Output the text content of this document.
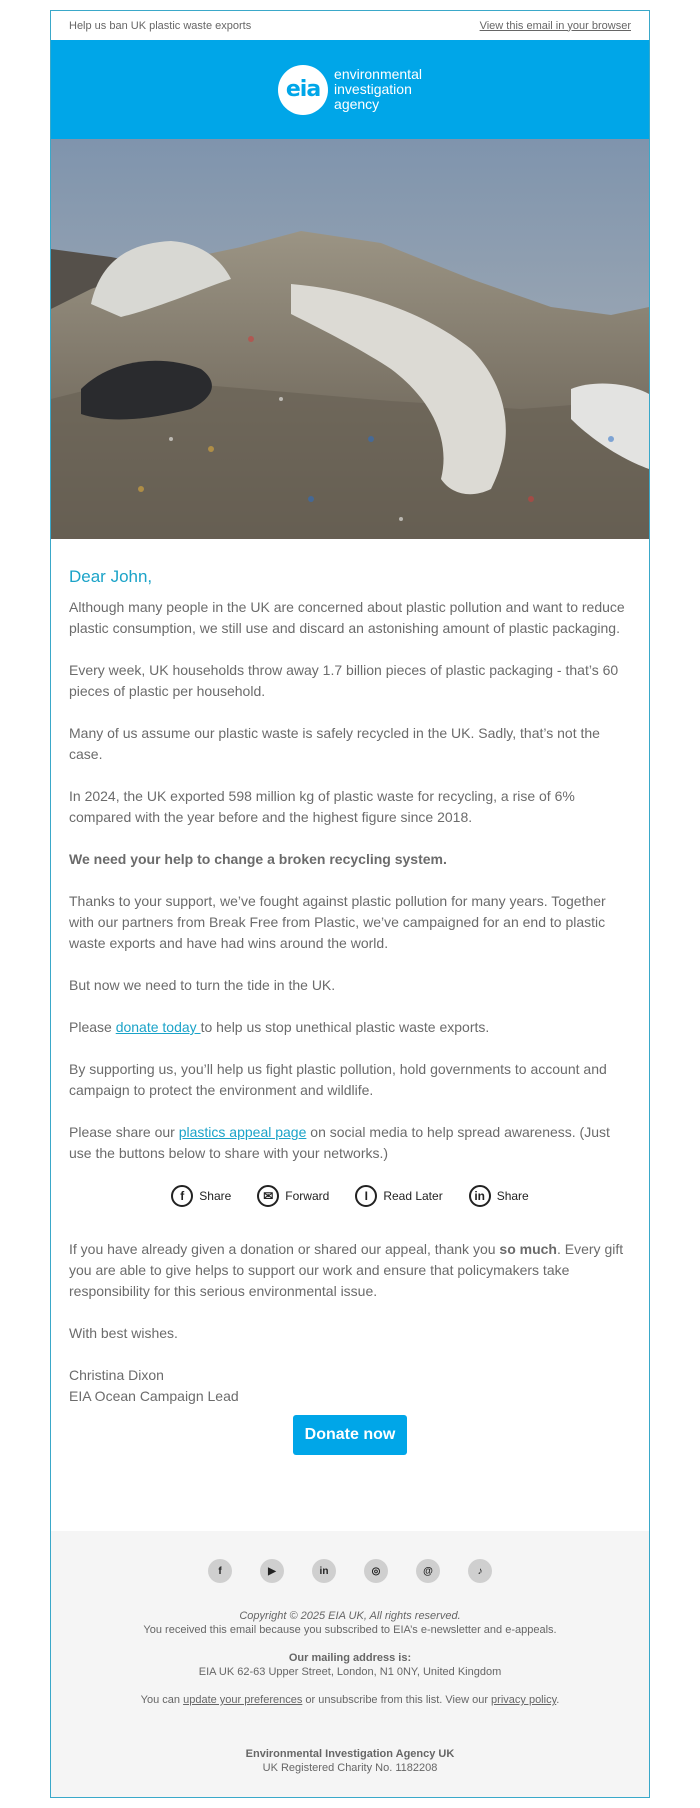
Help us ban UK plastic waste exports	View this email in your browser
eia
environmental
investigation
agency

Dear John,

Although many people in the UK are concerned about plastic pollution and want to reduce plastic consumption, we still use and discard an astonishing amount of plastic packaging.

Every week, UK households throw away 1.7 billion pieces of plastic packaging - that’s 60 pieces of plastic per household.

Many of us assume our plastic waste is safely recycled in the UK. Sadly, that’s not the case.

In 2024, the UK exported 598 million kg of plastic waste for recycling, a rise of 6% compared with the year before and the highest figure since 2018.

We need your help to change a broken recycling system.

Thanks to your support, we’ve fought against plastic pollution for many years. Together with our partners from Break Free from Plastic, we’ve campaigned for an end to plastic waste exports and have had wins around the world.

But now we need to turn the tide in the UK.

Please donate today to help us stop unethical plastic waste exports.

By supporting us, you’ll help us fight plastic pollution, hold governments to account and campaign to protect the environment and wildlife.

Please share our plastics appeal page on social media to help spread awareness. (Just use the buttons below to share with your networks.)

f	Share	✉ Forward	I	Read Later	in Share

If you have already given a donation or shared our appeal, thank you so much. Every gift you are able to give helps to support our work and ensure that policymakers take responsibility for this serious environmental issue.

With best wishes.

Christina Dixon

EIA Ocean Campaign Lead

Donate now
f	▶	in	◎	@	♪

Copyright © 2025 EIA UK, All rights reserved.

You received this email because you subscribed to EIA’s e-newsletter and e-appeals.

Our mailing address is:

EIA UK 62-63 Upper Street, London, N1 0NY, United Kingdom

You can update your preferences or unsubscribe from this list. View our privacy policy.

Environmental Investigation Agency UK

UK Registered Charity No. 1182208
